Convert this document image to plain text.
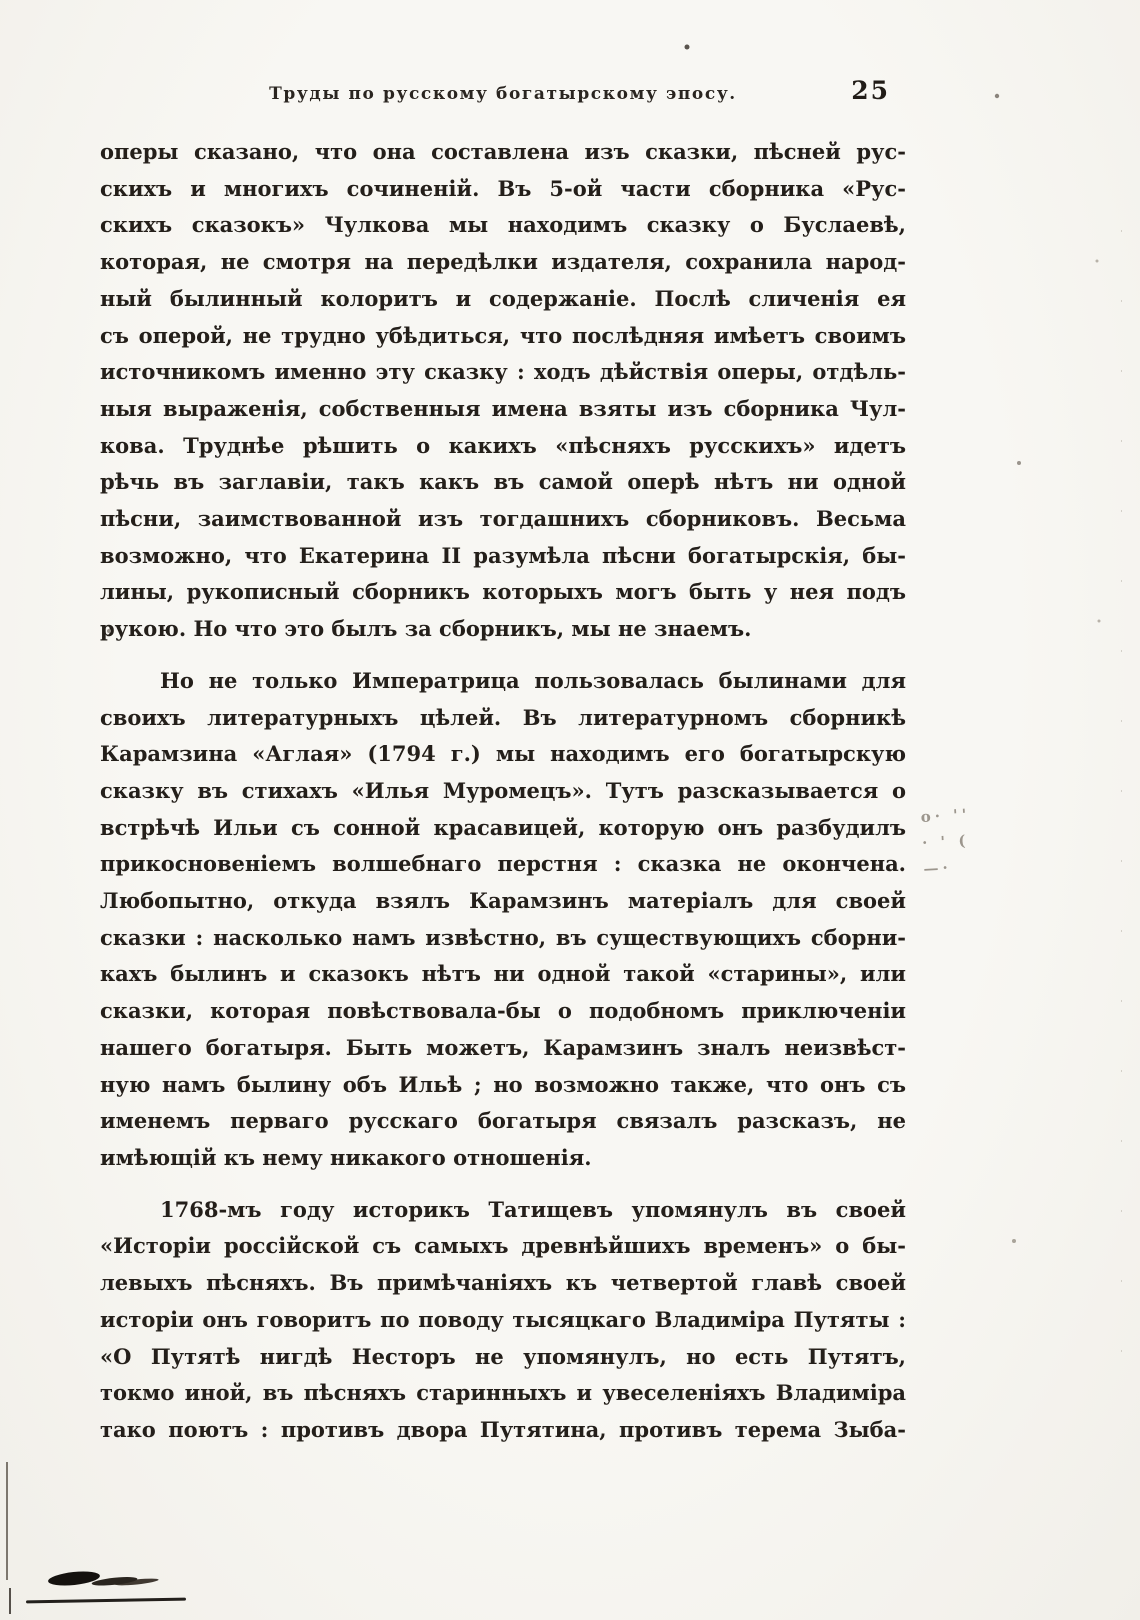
Труды по русскому богатырскому эпосу.	25
оперы сказано, что она составлена изъ сказки, пѣсней рус-
скихъ и многихъ сочиненій. Въ 5-ой части сборника «Рус-
скихъ сказокъ» Чулкова мы находимъ сказку о Буслаевѣ,
которая, не смотря на передѣлки издателя, сохранила народ-
ный былинный колоритъ и содержаніе. Послѣ сличенія ея
съ оперой, не трудно убѣдиться, что послѣдняя имѣетъ своимъ
источникомъ именно эту сказку : ходъ дѣйствія оперы, отдѣль-
ныя выраженія, собственныя имена взяты изъ сборника Чул-
кова. Труднѣе рѣшить о какихъ «пѣсняхъ русскихъ» идетъ
рѣчь въ заглавіи, такъ какъ въ самой оперѣ нѣтъ ни одной
пѣсни, заимствованной изъ тогдашнихъ сборниковъ. Весьма
возможно, что Екатерина II разумѣла пѣсни богатырскія, бы-
лины, рукописный сборникъ которыхъ могъ быть у нея подъ
рукою. Но что это былъ за сборникъ, мы не знаемъ.
Но не только Императрица пользовалась былинами для
своихъ литературныхъ цѣлей. Въ литературномъ сборникѣ
Карамзина «Аглая» (1794 г.) мы находимъ его богатырскую
сказку въ стихахъ «Илья Муромецъ». Тутъ разсказывается о
встрѣчѣ Ильи съ сонной красавицей, которую онъ разбудилъ
прикосновеніемъ волшебнаго перстня : сказка не окончена.
Любопытно, откуда взялъ Карамзинъ матеріалъ для своей
сказки : насколько намъ извѣстно, въ существующихъ сборни-
кахъ былинъ и сказокъ нѣтъ ни одной такой «старины», или
сказки, которая повѣствовала-бы о подобномъ приключеніи
нашего богатыря. Быть можетъ, Карамзинъ зналъ неизвѣст-
ную намъ былину объ Ильѣ ; но возможно также, что онъ съ
именемъ перваго русскаго богатыря связалъ разсказъ, не
имѣющій къ нему никакого отношенія.
1768-мъ году историкъ Татищевъ упомянулъ въ своей
«Исторіи россійской съ самыхъ древнѣйшихъ временъ» о бы-
левыхъ пѣсняхъ. Въ примѣчаніяхъ къ четвертой главѣ своей
исторіи онъ говоритъ по поводу тысяцкаго Владиміра Путяты :
«О Путятѣ нигдѣ Несторъ не упомянулъ, но есть Путятъ,
токмо иной, въ пѣсняхъ старинныхъ и увеселеніяхъ Владиміра
тако поютъ : противъ двора Путятина, противъ терема Зыба-
о· ''
· ' (
—·
